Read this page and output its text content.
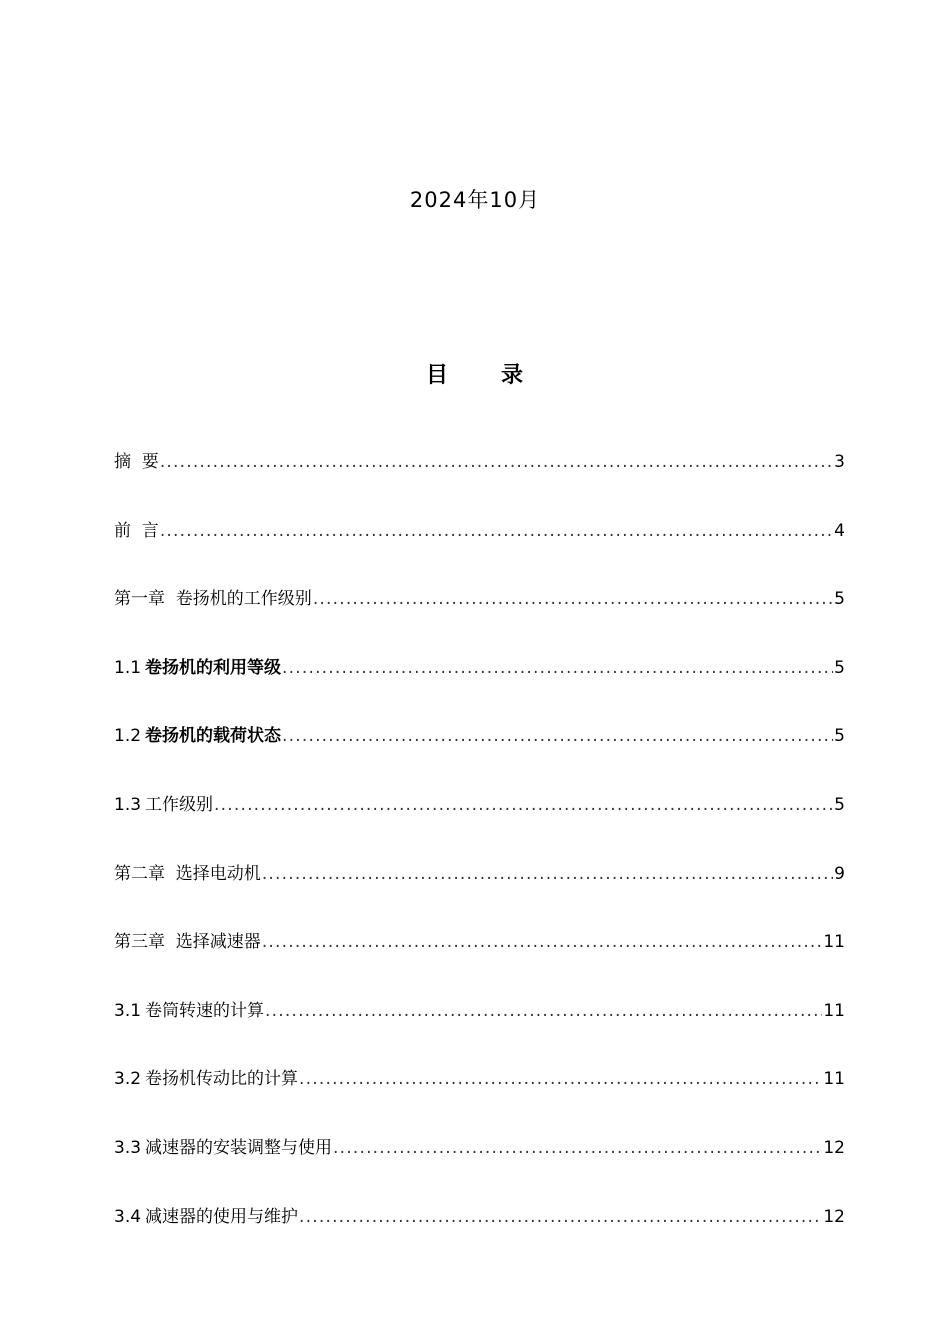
2024年10月
目 录
摘  要 .....	3
前  言 .....	4
第一章  卷扬机的工作级别 .....	5
1.1 卷扬机的利用等级 .....	5
1.2 卷扬机的载荷状态 .....	5
1.3 工作级别 .....	5
第二章  选择电动机 .....	9
第三章  选择减速器 .....	11
3.1 卷筒转速的计算 .....	11
3.2 卷扬机传动比的计算 .....	11
3.3 减速器的安装调整与使用 .....	12
3.4 减速器的使用与维护 .....	12
